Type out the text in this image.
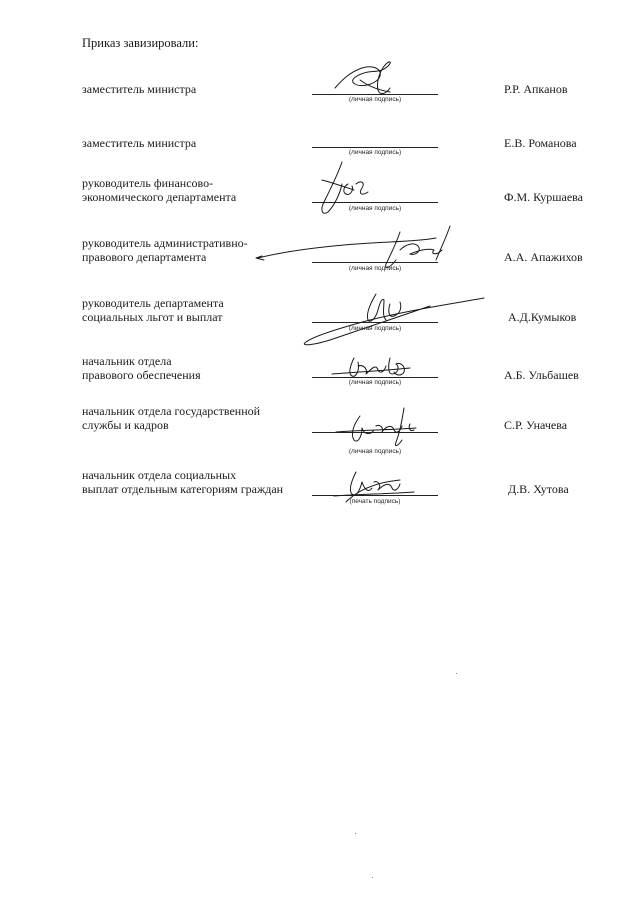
Приказ завизировали:
заместитель министра
(личная подпись)
Р.Р. Апканов
заместитель министра
(личная подпись)
Е.В. Романова
руководитель финансово-
экономического департамента
(личная подпись)
Ф.М. Куршаева
руководитель административно-
правового департамента
(личная подпись)
А.А. Апажихов
руководитель департамента
социальных льгот и выплат
(личная подпись)
А.Д.Кумыков
начальник отдела
правового обеспечения
(личная подпись)
А.Б. Ульбашев
начальник отдела государственной
службы и кадров
(личная подпись)
С.Р. Уначева
начальник отдела социальных
выплат отдельным категориям граждан
(печать подпись)
Д.В. Хутова
